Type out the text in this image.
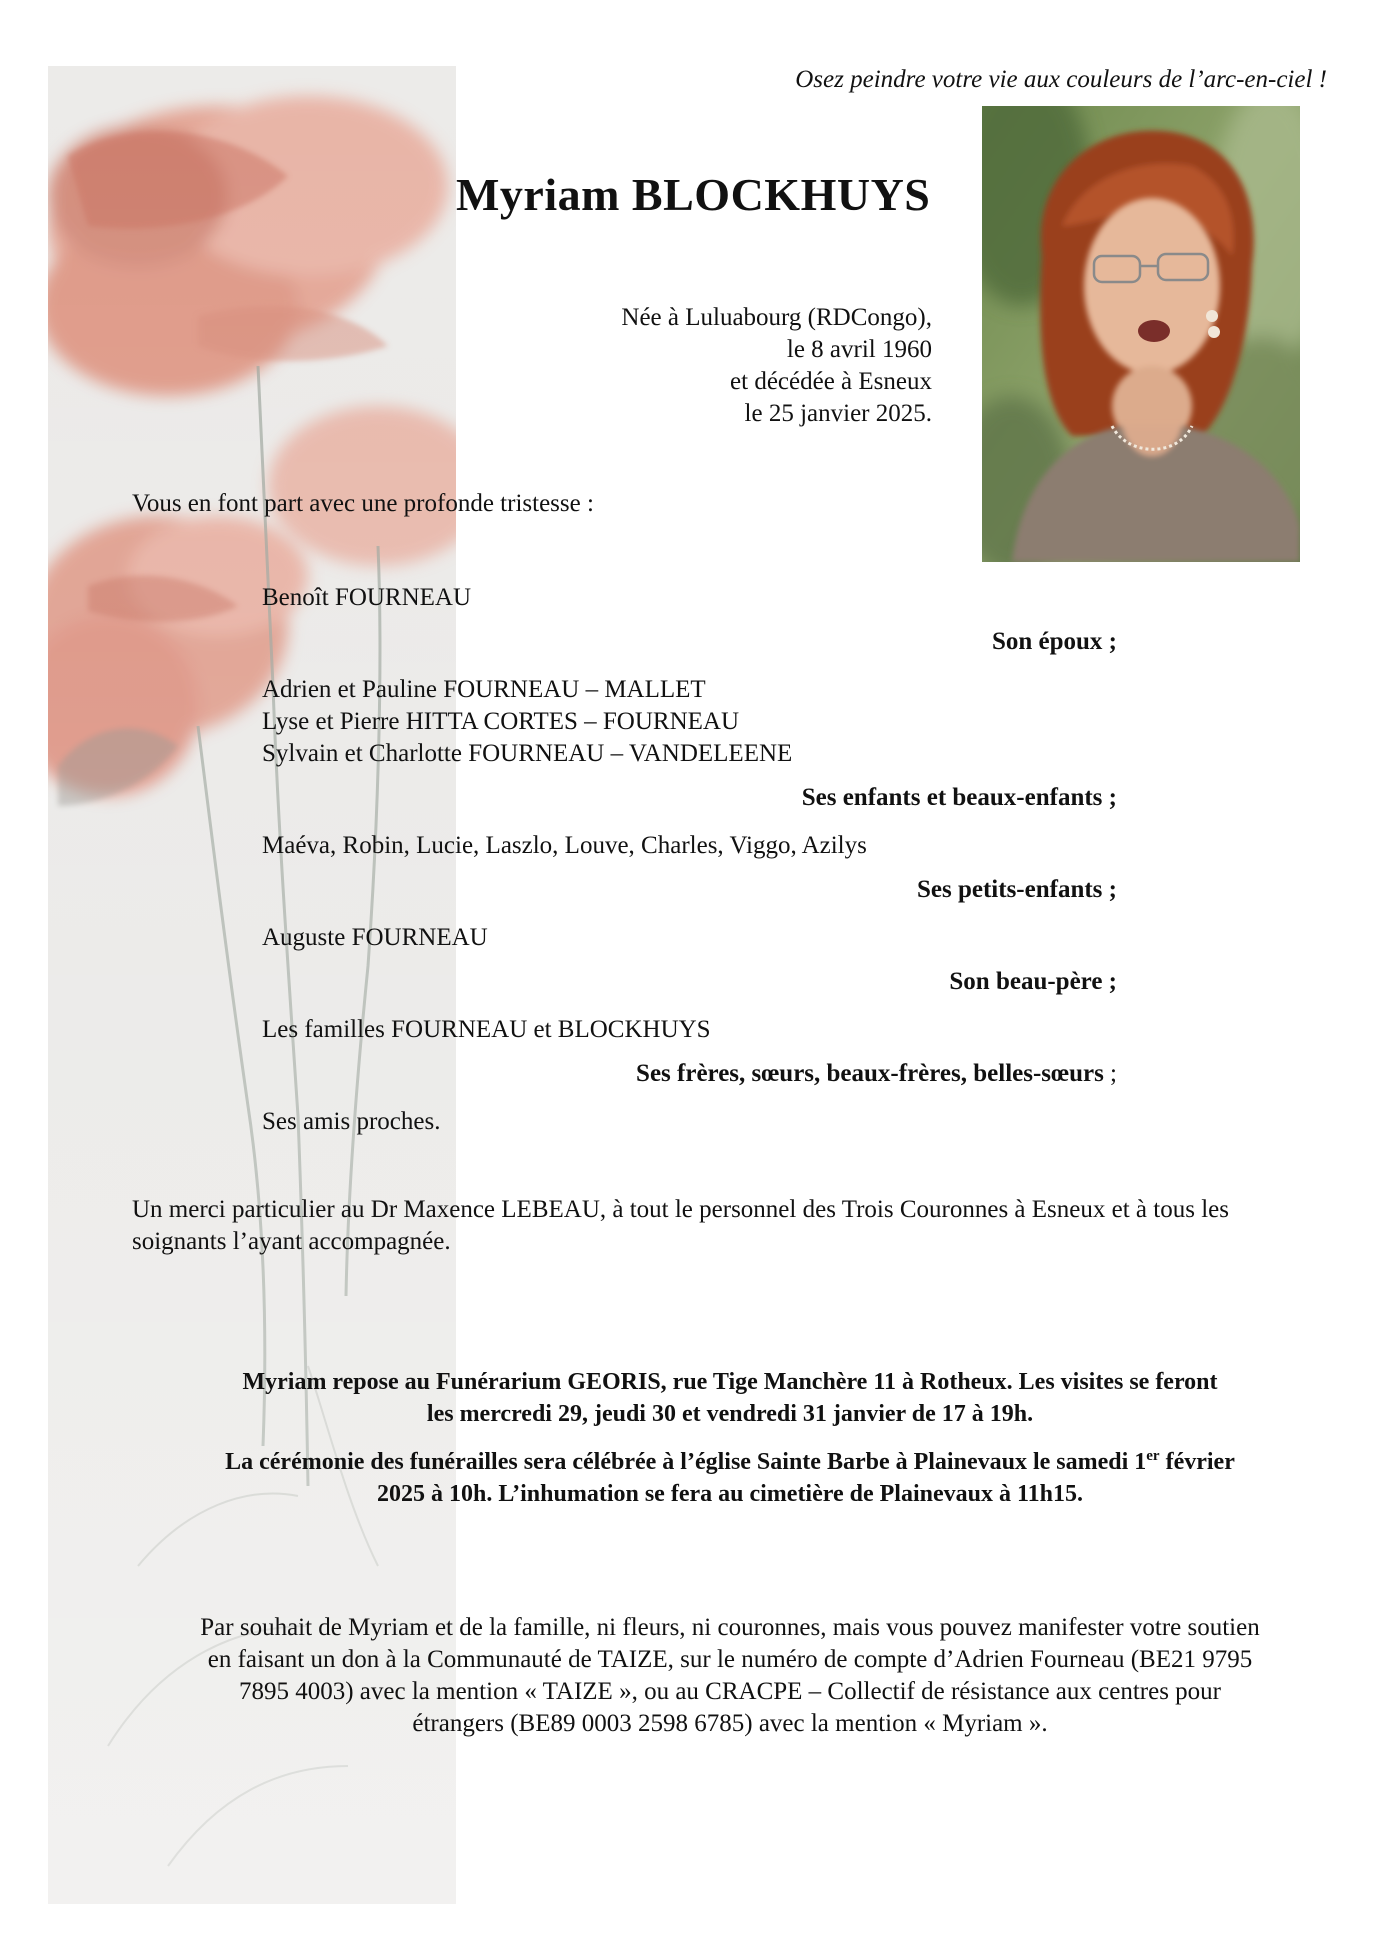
Osez peindre votre vie aux couleurs de l’arc-en-ciel !
Myriam BLOCKHUYS
Née à Luluabourg (RDCongo),
le 8 avril 1960
et décédée à Esneux
le 25 janvier 2025.
Vous en font part avec une profonde tristesse :
Benoît FOURNEAU
Son époux ;
Adrien et Pauline FOURNEAU – MALLET
Lyse et Pierre HITTA CORTES – FOURNEAU
Sylvain et Charlotte FOURNEAU – VANDELEENE
Ses enfants et beaux-enfants ;
Maéva, Robin, Lucie, Laszlo, Louve, Charles, Viggo, Azilys
Ses petits-enfants ;
Auguste FOURNEAU
Son beau-père ;
Les familles FOURNEAU et BLOCKHUYS
Ses frères, sœurs, beaux-frères, belles-sœurs ;
Ses amis proches.
Un merci particulier au Dr Maxence LEBEAU, à tout le personnel des Trois Couronnes à Esneux et à tous les soignants l’ayant accompagnée.
Myriam repose au Funérarium GEORIS, rue Tige Manchère 11 à Rotheux. Les visites se feront
les mercredi 29, jeudi 30 et vendredi 31 janvier de 17 à 19h.
La cérémonie des funérailles sera célébrée à l’église Sainte Barbe à Plainevaux le samedi 1er février
2025 à 10h. L’inhumation se fera au cimetière de Plainevaux à 11h15.
Par souhait de Myriam et de la famille, ni fleurs, ni couronnes, mais vous pouvez manifester votre soutien
en faisant un don à la Communauté de TAIZE, sur le numéro de compte d’Adrien Fourneau (BE21 9795
7895 4003) avec la mention « TAIZE », ou au CRACPE – Collectif de résistance aux centres pour
étrangers (BE89 0003 2598 6785) avec la mention « Myriam ».
